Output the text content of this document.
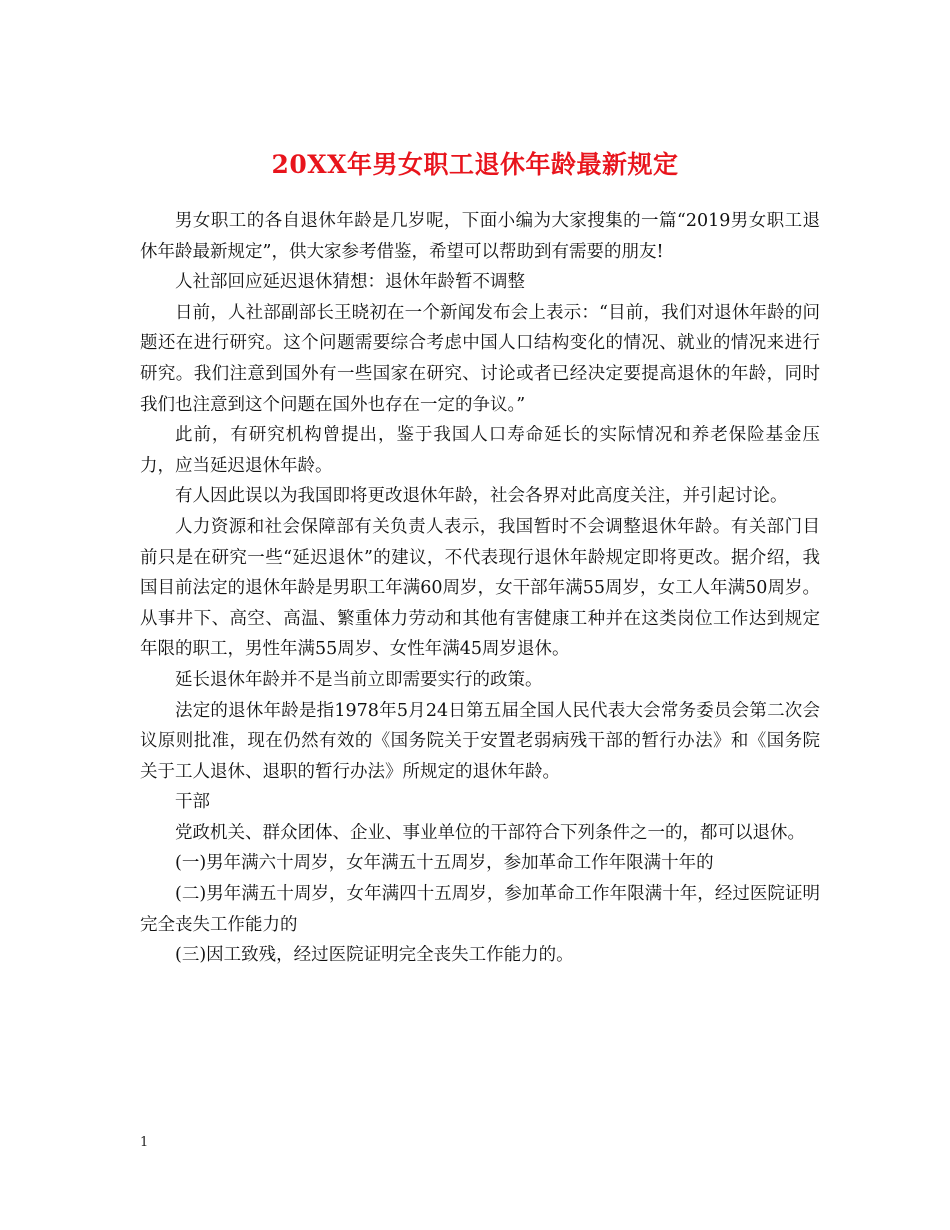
20XX年男女职工退休年龄最新规定

男女职工的各自退休年龄是几岁呢，下面小编为大家搜集的一篇“2019男女职工退休年龄最新规定”，供大家参考借鉴，希望可以帮助到有需要的朋友!

人社部回应延迟退休猜想：退休年龄暂不调整

日前，人社部副部长王晓初在一个新闻发布会上表示：“目前，我们对退休年龄的问题还在进行研究。这个问题需要综合考虑中国人口结构变化的情况、就业的情况来进行研究。我们注意到国外有一些国家在研究、讨论或者已经决定要提高退休的年龄，同时我们也注意到这个问题在国外也存在一定的争议。”

此前，有研究机构曾提出，鉴于我国人口寿命延长的实际情况和养老保险基金压力，应当延迟退休年龄。

有人因此误以为我国即将更改退休年龄，社会各界对此高度关注，并引起讨论。

人力资源和社会保障部有关负责人表示，我国暂时不会调整退休年龄。有关部门目前只是在研究一些“延迟退休”的建议，不代表现行退休年龄规定即将更改。据介绍，我国目前法定的退休年龄是男职工年满60周岁，女干部年满55周岁，女工人年满50周岁。从事井下、高空、高温、繁重体力劳动和其他有害健康工种并在这类岗位工作达到规定年限的职工，男性年满55周岁、女性年满45周岁退休。

延长退休年龄并不是当前立即需要实行的政策。

法定的退休年龄是指1978年5月24日第五届全国人民代表大会常务委员会第二次会议原则批准，现在仍然有效的《国务院关于安置老弱病残干部的暂行办法》和《国务院关于工人退休、退职的暂行办法》所规定的退休年龄。

干部

党政机关、群众团体、企业、事业单位的干部符合下列条件之一的，都可以退休。

(一)男年满六十周岁，女年满五十五周岁，参加革命工作年限满十年的

(二)男年满五十周岁，女年满四十五周岁，参加革命工作年限满十年，经过医院证明完全丧失工作能力的

(三)因工致残，经过医院证明完全丧失工作能力的。

1
